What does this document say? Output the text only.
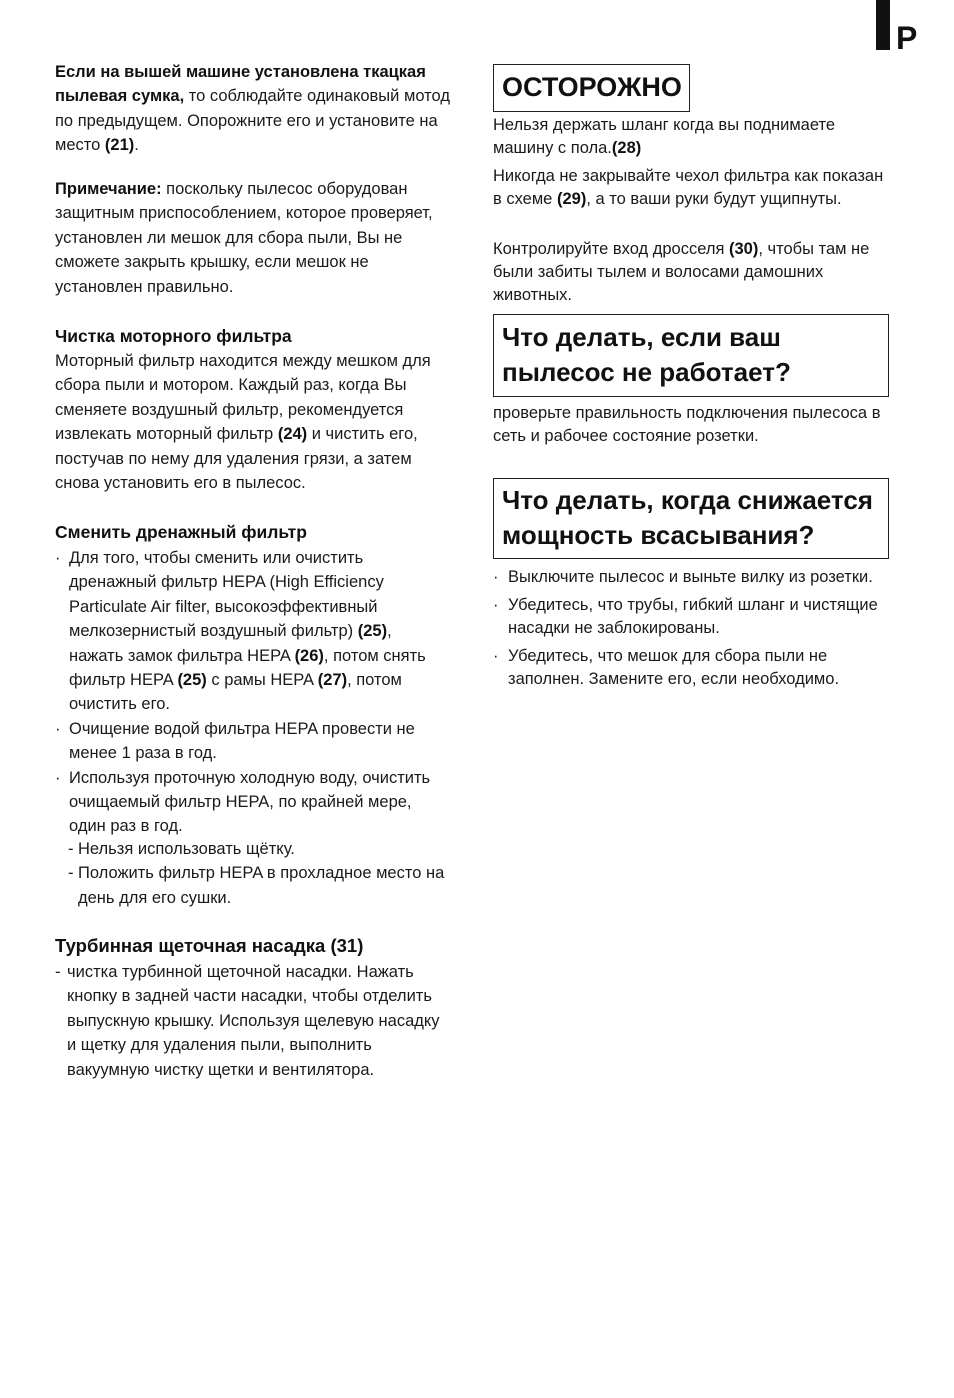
P

Если на вышей машине установлена ткацкая пылевая сумка, то соблюдайте одинаковый мотод по предыдущем. Опорожните его и установите на место (21).

Примечание: поскольку пылесос оборудован защитным приспособлением, которое проверяет, установлен ли мешок для сбора пыли, Вы не сможете закрыть крышку, если мешок не установлен правильно.

Чистка моторного фильтра

Моторный фильтр находится между мешком для сбора пыли и мотором. Каждый раз, когда Вы сменяете воздушный фильтр, рекомендуется извлекать моторный фильтр (24) и чистить его, постучав по нему для удаления грязи, а затем снова установить его в пылесос.

Сменить дренажный фильтр
· Для того, чтобы сменить или очистить дренажный фильтр HEPA (High Efficiency Particulate Air filter, высокоэффективный мелкозернистый воздушный фильтр) (25), нажать замок фильтра HEPA (26), потом снять фильтр HEPA (25) с рамы HEPA (27), потом очистить его.
· Очищение водой фильтра HEPA провести не менее 1 раза в год.
· Используя проточную холодную воду, очистить очищаемый фильтр HEPA, по крайней мере, один раз в год.
- Нельзя использовать щётку.
- Положить фильтр HEPA в прохладное место на день для его сушки.
Турбинная щеточная насадка (31)
- чистка турбинной щеточной насадки. Нажать кнопку в задней части насадки, чтобы отделить выпускную крышку. Используя щелевую насадку и щетку для удаления пыли, выполнить вакуумную чистку щетки и вентилятора.
ОСТОРОЖНО

Нельзя держать шланг когда вы поднимаете машину с пола.(28)

Никогда не закрывайте чехол фильтра как показан в схеме (29), а то ваши руки будут ущипнуты.

Контролируйте вход дросселя (30), чтобы там не были забиты тылем и волосами дамошних животных.

Что делать, если ваш пылесос не работает?

проверьте правильность подключения пылесоса в сеть и рабочее состояние розетки.

Что делать, когда снижается мощность всасывания?
· Выключите пылесос и выньте вилку из розетки.
· Убедитесь, что трубы, гибкий шланг и чистящие насадки не заблокированы.
· Убедитесь, что мешок для сбора пыли не заполнен. Замените его, если необходимо.
